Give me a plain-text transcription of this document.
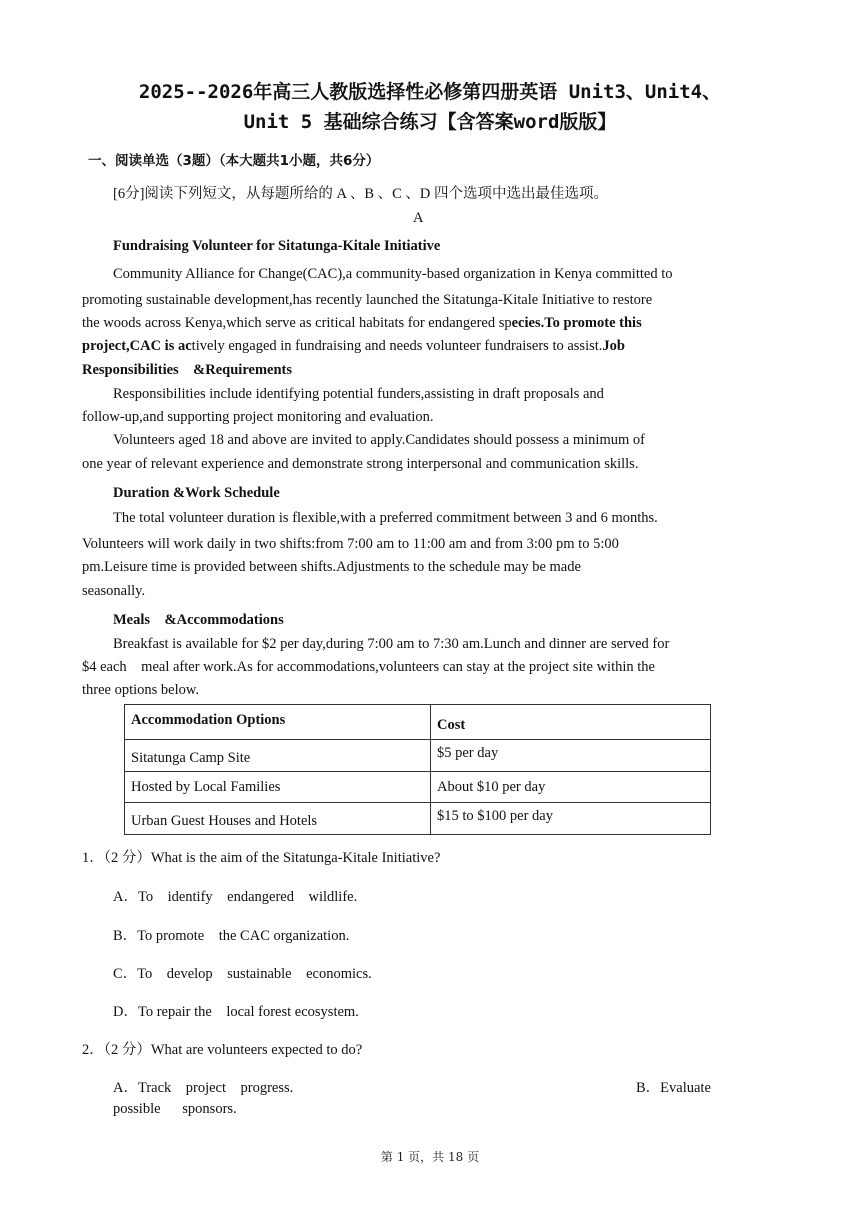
2025--2026年高三人教版选择性必修第四册英语 Unit3、Unit4、
Unit 5 基础综合练习【含答案word版版】
一、阅读单选（3题）（本大题共1小题，共6分）
[6分]阅读下列短文，从每题所给的 A 、B 、C 、D 四个选项中选出最佳选项。
A
Fundraising Volunteer for Sitatunga-Kitale Initiative
Community Alliance for Change(CAC),a community-based organization in Kenya committed to
promoting sustainable development,has recently launched the Sitatunga-Kitale Initiative to restore
the woods across Kenya,which serve as critical habitats for endangered species.To promote this
project,CAC is actively engaged in fundraising and needs volunteer fundraisers to assist.Job
Responsibilities    &Requirements
Responsibilities include identifying potential funders,assisting in draft proposals and
follow-up,and supporting project monitoring and evaluation.
Volunteers aged 18 and above are invited to apply.Candidates should possess a minimum of
one year of relevant experience and demonstrate strong interpersonal and communication skills.
Duration &Work Schedule
The total volunteer duration is flexible,with a preferred commitment between 3 and 6 months.
Volunteers will work daily in two shifts:from 7:00 am to 11:00 am and from 3:00 pm to 5:00
pm.Leisure time is provided between shifts.Adjustments to the schedule may be made
seasonally.
Meals    &Accommodations
Breakfast is available for $2 per day,during 7:00 am to 7:30 am.Lunch and dinner are served for
$4 each    meal after work.As for accommodations,volunteers can stay at the project site within the
three options below.
Accommodation Options	Cost
Sitatunga Camp Site	$5 per day
Hosted by Local Families	About $10 per day
Urban Guest Houses and Hotels	$15 to $100 per day
1．（2 分）What is the aim of the Sitatunga-Kitale Initiative?
A．To    identify    endangered    wildlife.
B．To promote    the CAC organization.
C．To    develop    sustainable    economics.
D．To repair the    local forest ecosystem.
2．（2 分）What are volunteers expected to do?
A．Track    project    progress.	B．Evaluate
possible      sponsors.
第 1 页，共 18 页
